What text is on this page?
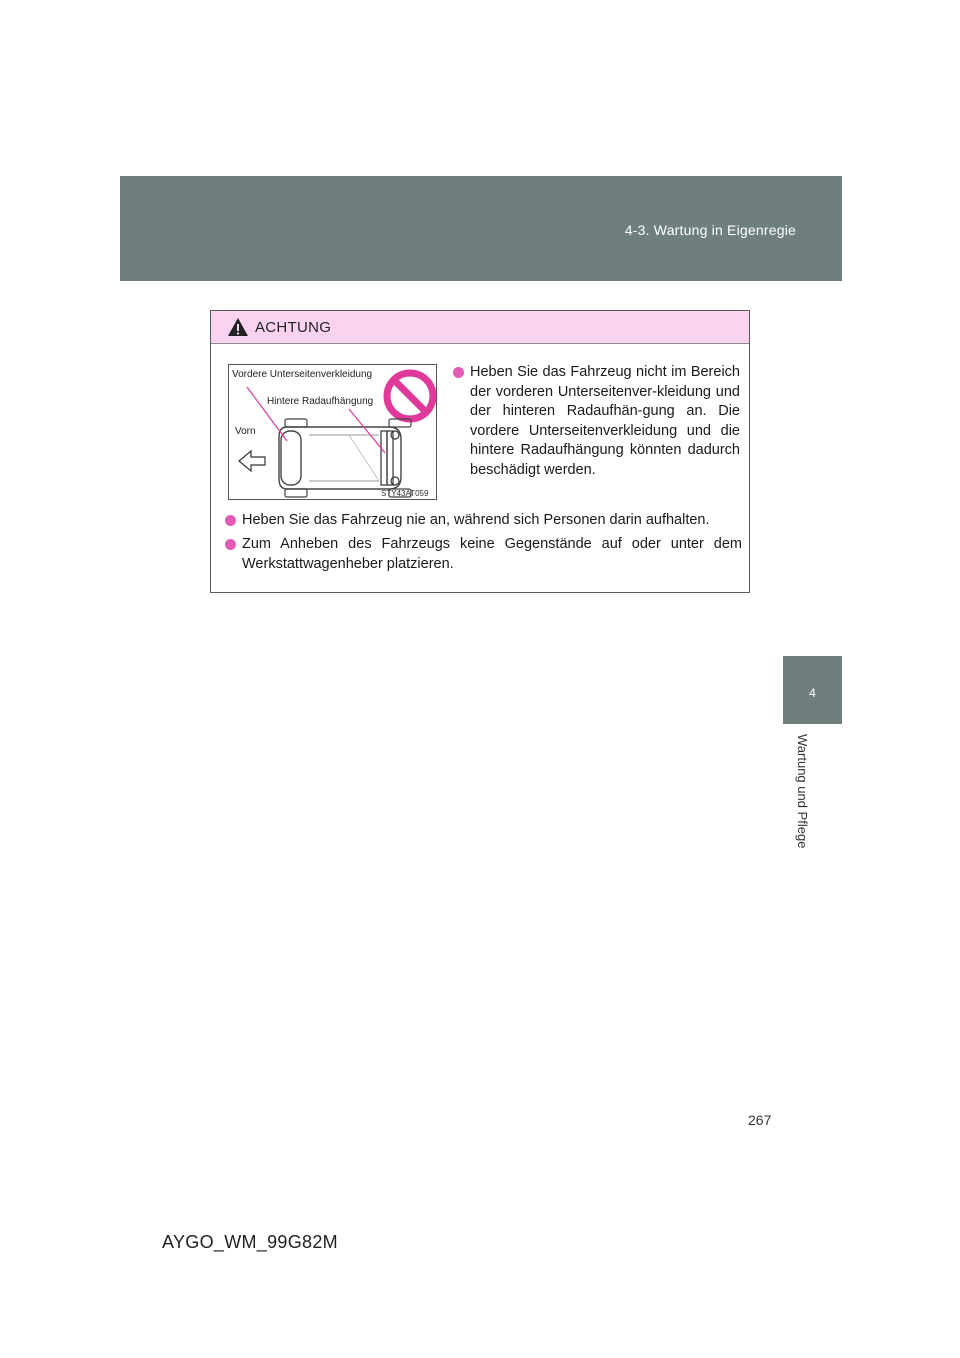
4-3. Wartung in Eigenregie
4
Wartung und Pflege
ACHTUNG
Vordere Unterseitenverkleidung
Hintere Radaufhängung
Vorn
STY43AT059
Heben Sie das Fahrzeug nicht im Bereich der vorderen Unterseitenver-kleidung und der hinteren Radaufhän-gung an. Die vordere Unterseitenverkleidung und die hintere Radaufhängung könnten dadurch beschädigt werden.
Heben Sie das Fahrzeug nie an, während sich Personen darin aufhalten.
Zum Anheben des Fahrzeugs keine Gegenstände auf oder unter dem Werkstattwagenheber platzieren.
267
AYGO_WM_99G82M
